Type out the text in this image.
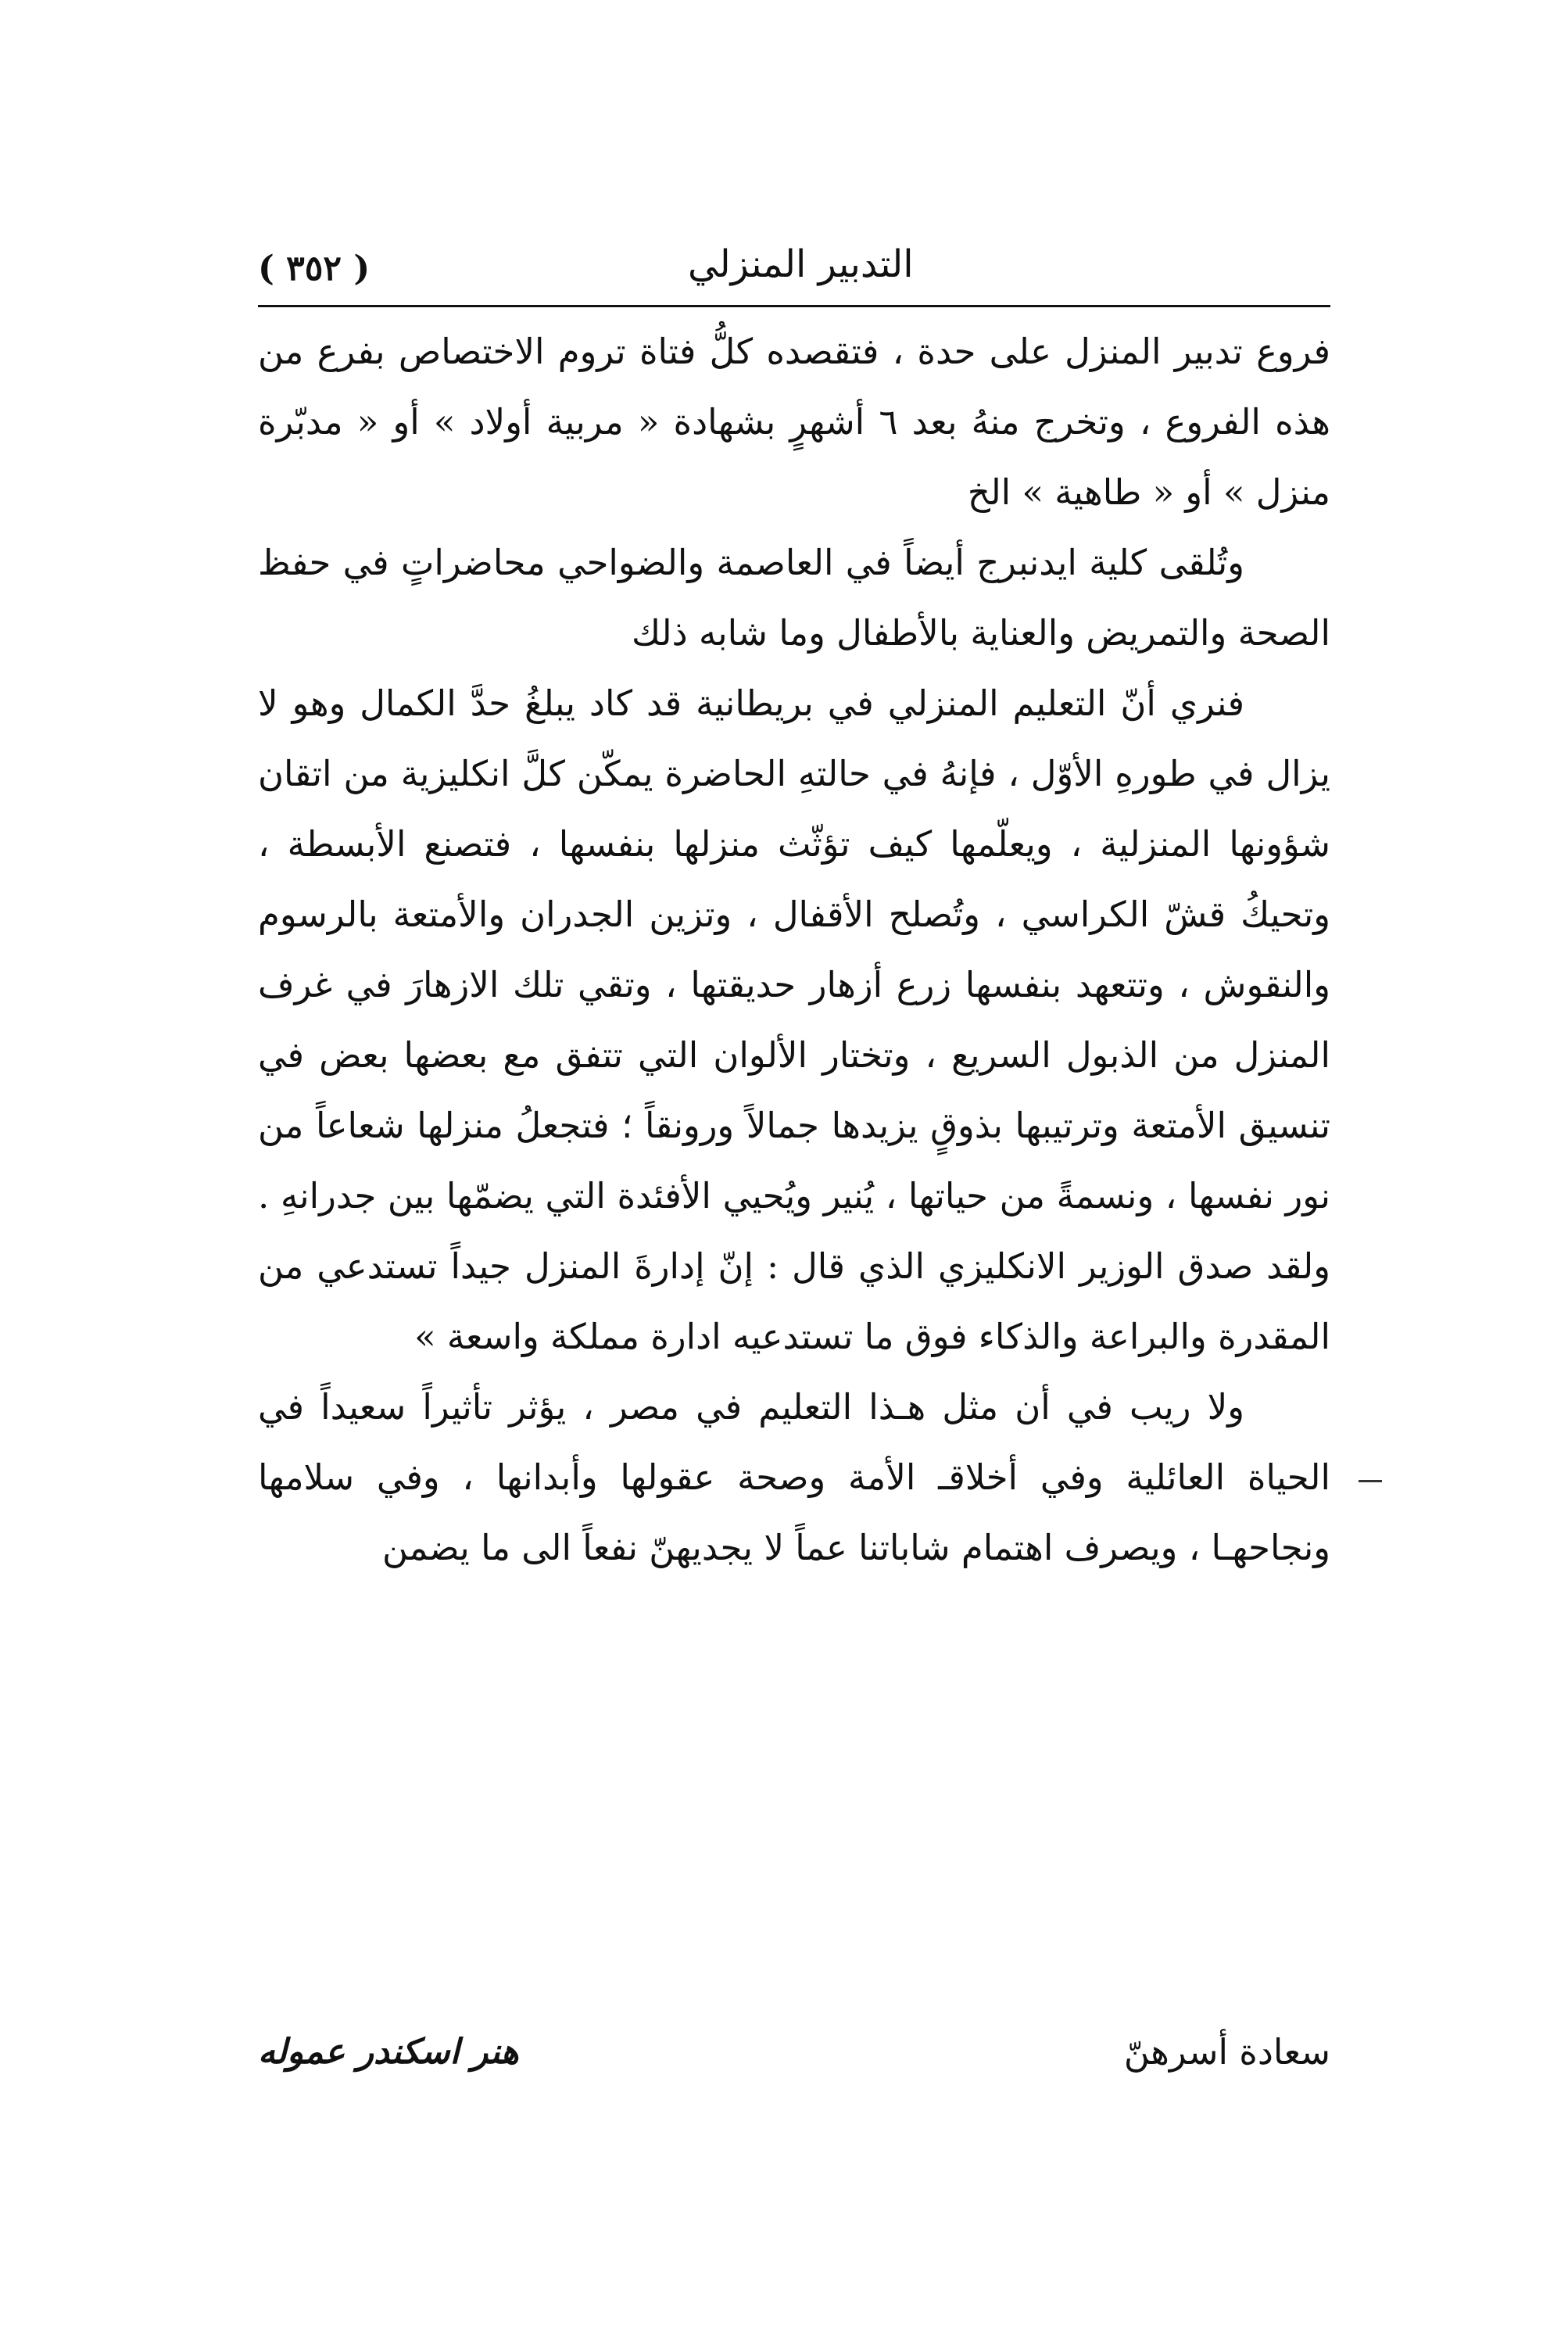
( ٣٥٢ )	التدبير المنزلي

فروع تدبير المنزل على حدة ، فتقصده كلُّ فتاة تروم الاختصاص بفرع من هذه الفروع ، وتخرج منهُ بعد ٦ أشهرٍ بشهادة « مربية أولاد » أو « مدبّرة منزل » أو « طاهية » الخ

وتُلقى كلية ايدنبرج أيضاً في العاصمة والضواحي محاضراتٍ في حفظ الصحة والتمريض والعناية بالأطفال وما شابه ذلك

فنري أنّ التعليم المنزلي في بريطانية قد كاد يبلغُ حدَّ الكمال وهو لا يزال في طورهِ الأوّل ، فإنهُ في حالتهِ الحاضرة يمكّن كلَّ انكليزية من اتقان شؤونها المنزلية ، ويعلّمها كيف تؤثّث منزلها بنفسها ، فتصنع الأبسطة ، وتحيكُ قشّ الكراسي ، وتُصلح الأقفال ، وتزين الجدران والأمتعة بالرسوم والنقوش ، وتتعهد بنفسها زرع أزهار حديقتها ، وتقي تلك الازهارَ في غرف المنزل من الذبول السريع ، وتختار الألوان التي تتفق مع بعضها بعض في تنسيق الأمتعة وترتيبها بذوقٍ يزيدها جمالاً ورونقاً ؛ فتجعلُ منزلها شعاعاً من نور نفسها ، ونسمةً من حياتها ، يُنير ويُحيي الأفئدة التي يضمّها بين جدرانهِ . ولقد صدق الوزير الانكليزي الذي قال : إنّ إدارةَ المنزل جيداً تستدعي من المقدرة والبراعة والذكاء فوق ما تستدعيه ادارة مملكة واسعة »

ولا ريب في أن مثل هـذا التعليم في مصر ، يؤثر تأثيراً سعيداً في الحياة العائلية وفي أخلاقـ الأمة وصحة عقولها وأبدانها ، وفي سلامها ونجاحهـا ، ويصرف اهتمام شاباتنا عماً لا يجديهنّ نفعاً الى ما يضمن

سعادة أسرهنّ
هنر اسكندر عموله
